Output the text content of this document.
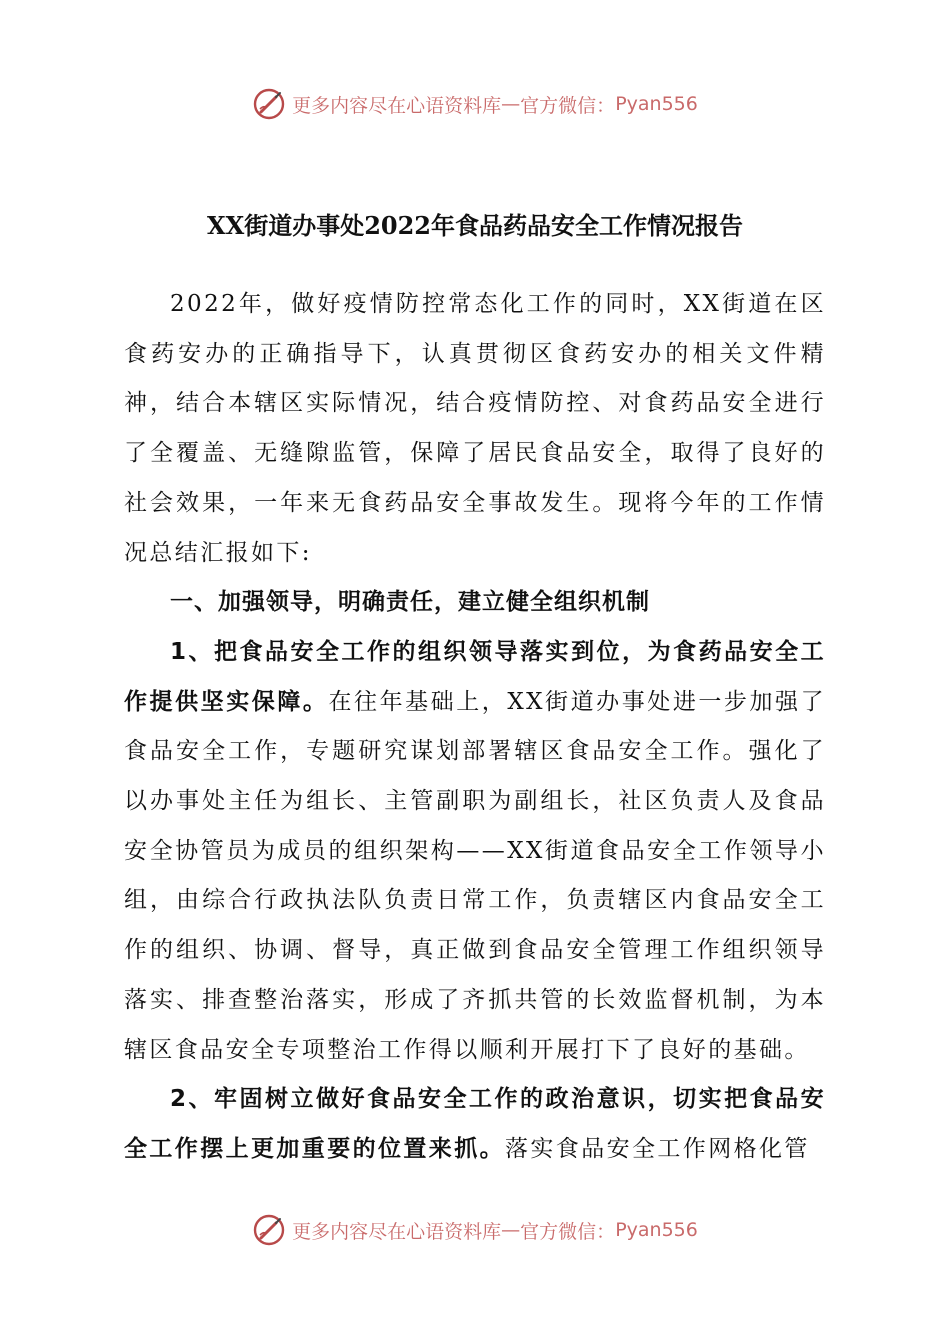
更多内容尽在心语资料库 — 官方微信： Pyan556
XX街道办事处2022年食品药品安全工作情况报告

2022年，做好疫情防控常态化工作的同时，XX街道在区食药安办的正确指导下，认真贯彻区食药安办的相关文件精神，结合本辖区实际情况，结合疫情防控、对食药品安全进行了全覆盖、无缝隙监管，保障了居民食品安全，取得了良好的社会效果，一年来无食药品安全事故发生。现将今年的工作情况总结汇报如下:

一、加强领导，明确责任，建立健全组织机制

1、把食品安全工作的组织领导落实到位，为食药品安全工作提供坚实保障。在往年基础上，XX街道办事处进一步加强了食品安全工作，专题研究谋划部署辖区食品安全工作。强化了以办事处主任为组长、主管副职为副组长，社区负责人及食品安全协管员为成员的组织架构——XX街道食品安全工作领导小组，由综合行政执法队负责日常工作，负责辖区内食品安全工作的组织、协调、督导，真正做到食品安全管理工作组织领导落实、排查整治落实，形成了齐抓共管的长效监督机制，为本辖区食品安全专项整治工作得以顺利开展打下了良好的基础。

2、牢固树立做好食品安全工作的政治意识，切实把食品安全工作摆上更加重要的位置来抓。落实食品安全工作网格化管

更多内容尽在心语资料库 — 官方微信： Pyan556
